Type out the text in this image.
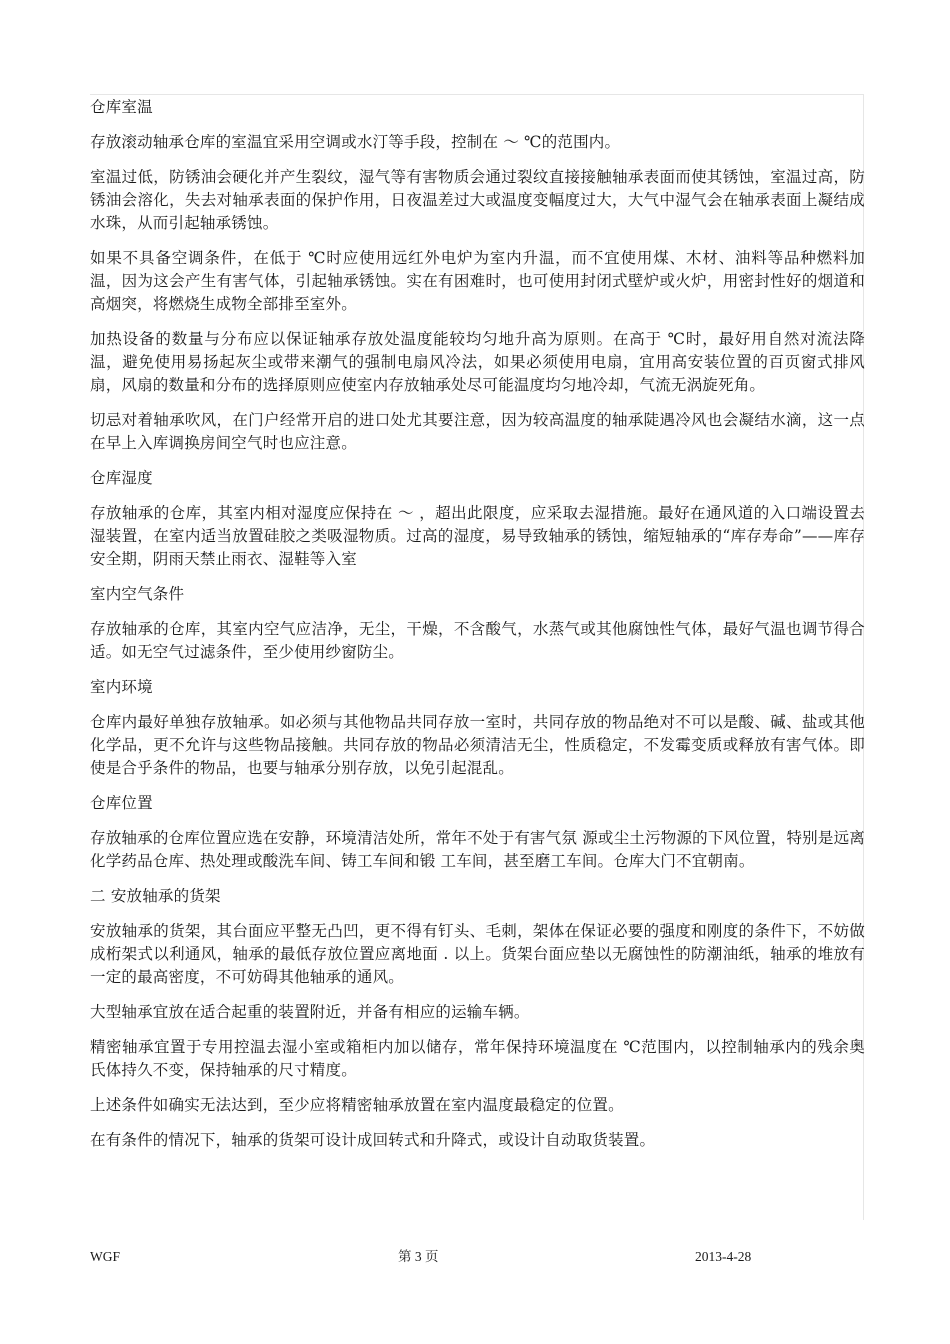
仓库室温

存放滚动轴承仓库的室温宜采用空调或水汀等手段，控制在 ～ ℃的范围内。

室温过低，防锈油会硬化并产生裂纹，湿气等有害物质会通过裂纹直接接触轴承表面而使其锈蚀，室温过高，防锈油会溶化，失去对轴承表面的保护作用，日夜温差过大或温度变幅度过大，大气中湿气会在轴承表面上凝结成水珠，从而引起轴承锈蚀。

如果不具备空调条件，在低于 ℃时应使用远红外电炉为室内升温，而不宜使用煤、木材、油料等品种燃料加温，因为这会产生有害气体，引起轴承锈蚀。实在有困难时，也可使用封闭式壁炉或火炉，用密封性好的烟道和高烟突，将燃烧生成物全部排至室外。

加热设备的数量与分布应以保证轴承存放处温度能较均匀地升高为原则。在高于 ℃时，最好用自然对流法降温，避免使用易扬起灰尘或带来潮气的强制电扇风冷法，如果必须使用电扇，宜用高安装位置的百页窗式排风扇，风扇的数量和分布的选择原则应使室内存放轴承处尽可能温度均匀地冷却，气流无涡旋死角。

切忌对着轴承吹风，在门户经常开启的进口处尤其要注意，因为较高温度的轴承陡遇冷风也会凝结水滴，这一点在早上入库调换房间空气时也应注意。

仓库湿度

存放轴承的仓库，其室内相对湿度应保持在 ～ ，超出此限度，应采取去湿措施。最好在通风道的入口端设置去湿装置，在室内适当放置硅胶之类吸湿物质。过高的湿度，易导致轴承的锈蚀，缩短轴承的“库存寿命”——库存安全期，阴雨天禁止雨衣、湿鞋等入室

室内空气条件

存放轴承的仓库，其室内空气应洁净，无尘，干燥，不含酸气，水蒸气或其他腐蚀性气体，最好气温也调节得合适。如无空气过滤条件，至少使用纱窗防尘。

室内环境

仓库内最好单独存放轴承。如必须与其他物品共同存放一室时，共同存放的物品绝对不可以是酸、碱、盐或其他化学品，更不允许与这些物品接触。共同存放的物品必须清洁无尘，性质稳定，不发霉变质或释放有害气体。即使是合乎条件的物品，也要与轴承分别存放，以免引起混乱。

仓库位置

存放轴承的仓库位置应选在安静，环境清洁处所，常年不处于有害气氛 源或尘土污物源的下风位置，特别是远离化学药品仓库、热处理或酸洗车间、铸工车间和锻 工车间，甚至磨工车间。仓库大门不宜朝南。

二 安放轴承的货架

安放轴承的货架，其台面应平整无凸凹，更不得有钉头、毛刺，架体在保证必要的强度和刚度的条件下，不妨做成桁架式以利通风，轴承的最低存放位置应离地面 . 以上。货架台面应垫以无腐蚀性的防潮油纸，轴承的堆放有一定的最高密度，不可妨碍其他轴承的通风。

大型轴承宜放在适合起重的装置附近，并备有相应的运输车辆。

精密轴承宜置于专用控温去湿小室或箱柜内加以储存，常年保持环境温度在 ℃范围内，以控制轴承内的残余奥氏体持久不变，保持轴承的尺寸精度。

上述条件如确实无法达到，至少应将精密轴承放置在室内温度最稳定的位置。

在有条件的情况下，轴承的货架可设计成回转式和升降式，或设计自动取货装置。

WGF	第 3 页	2013-4-28
